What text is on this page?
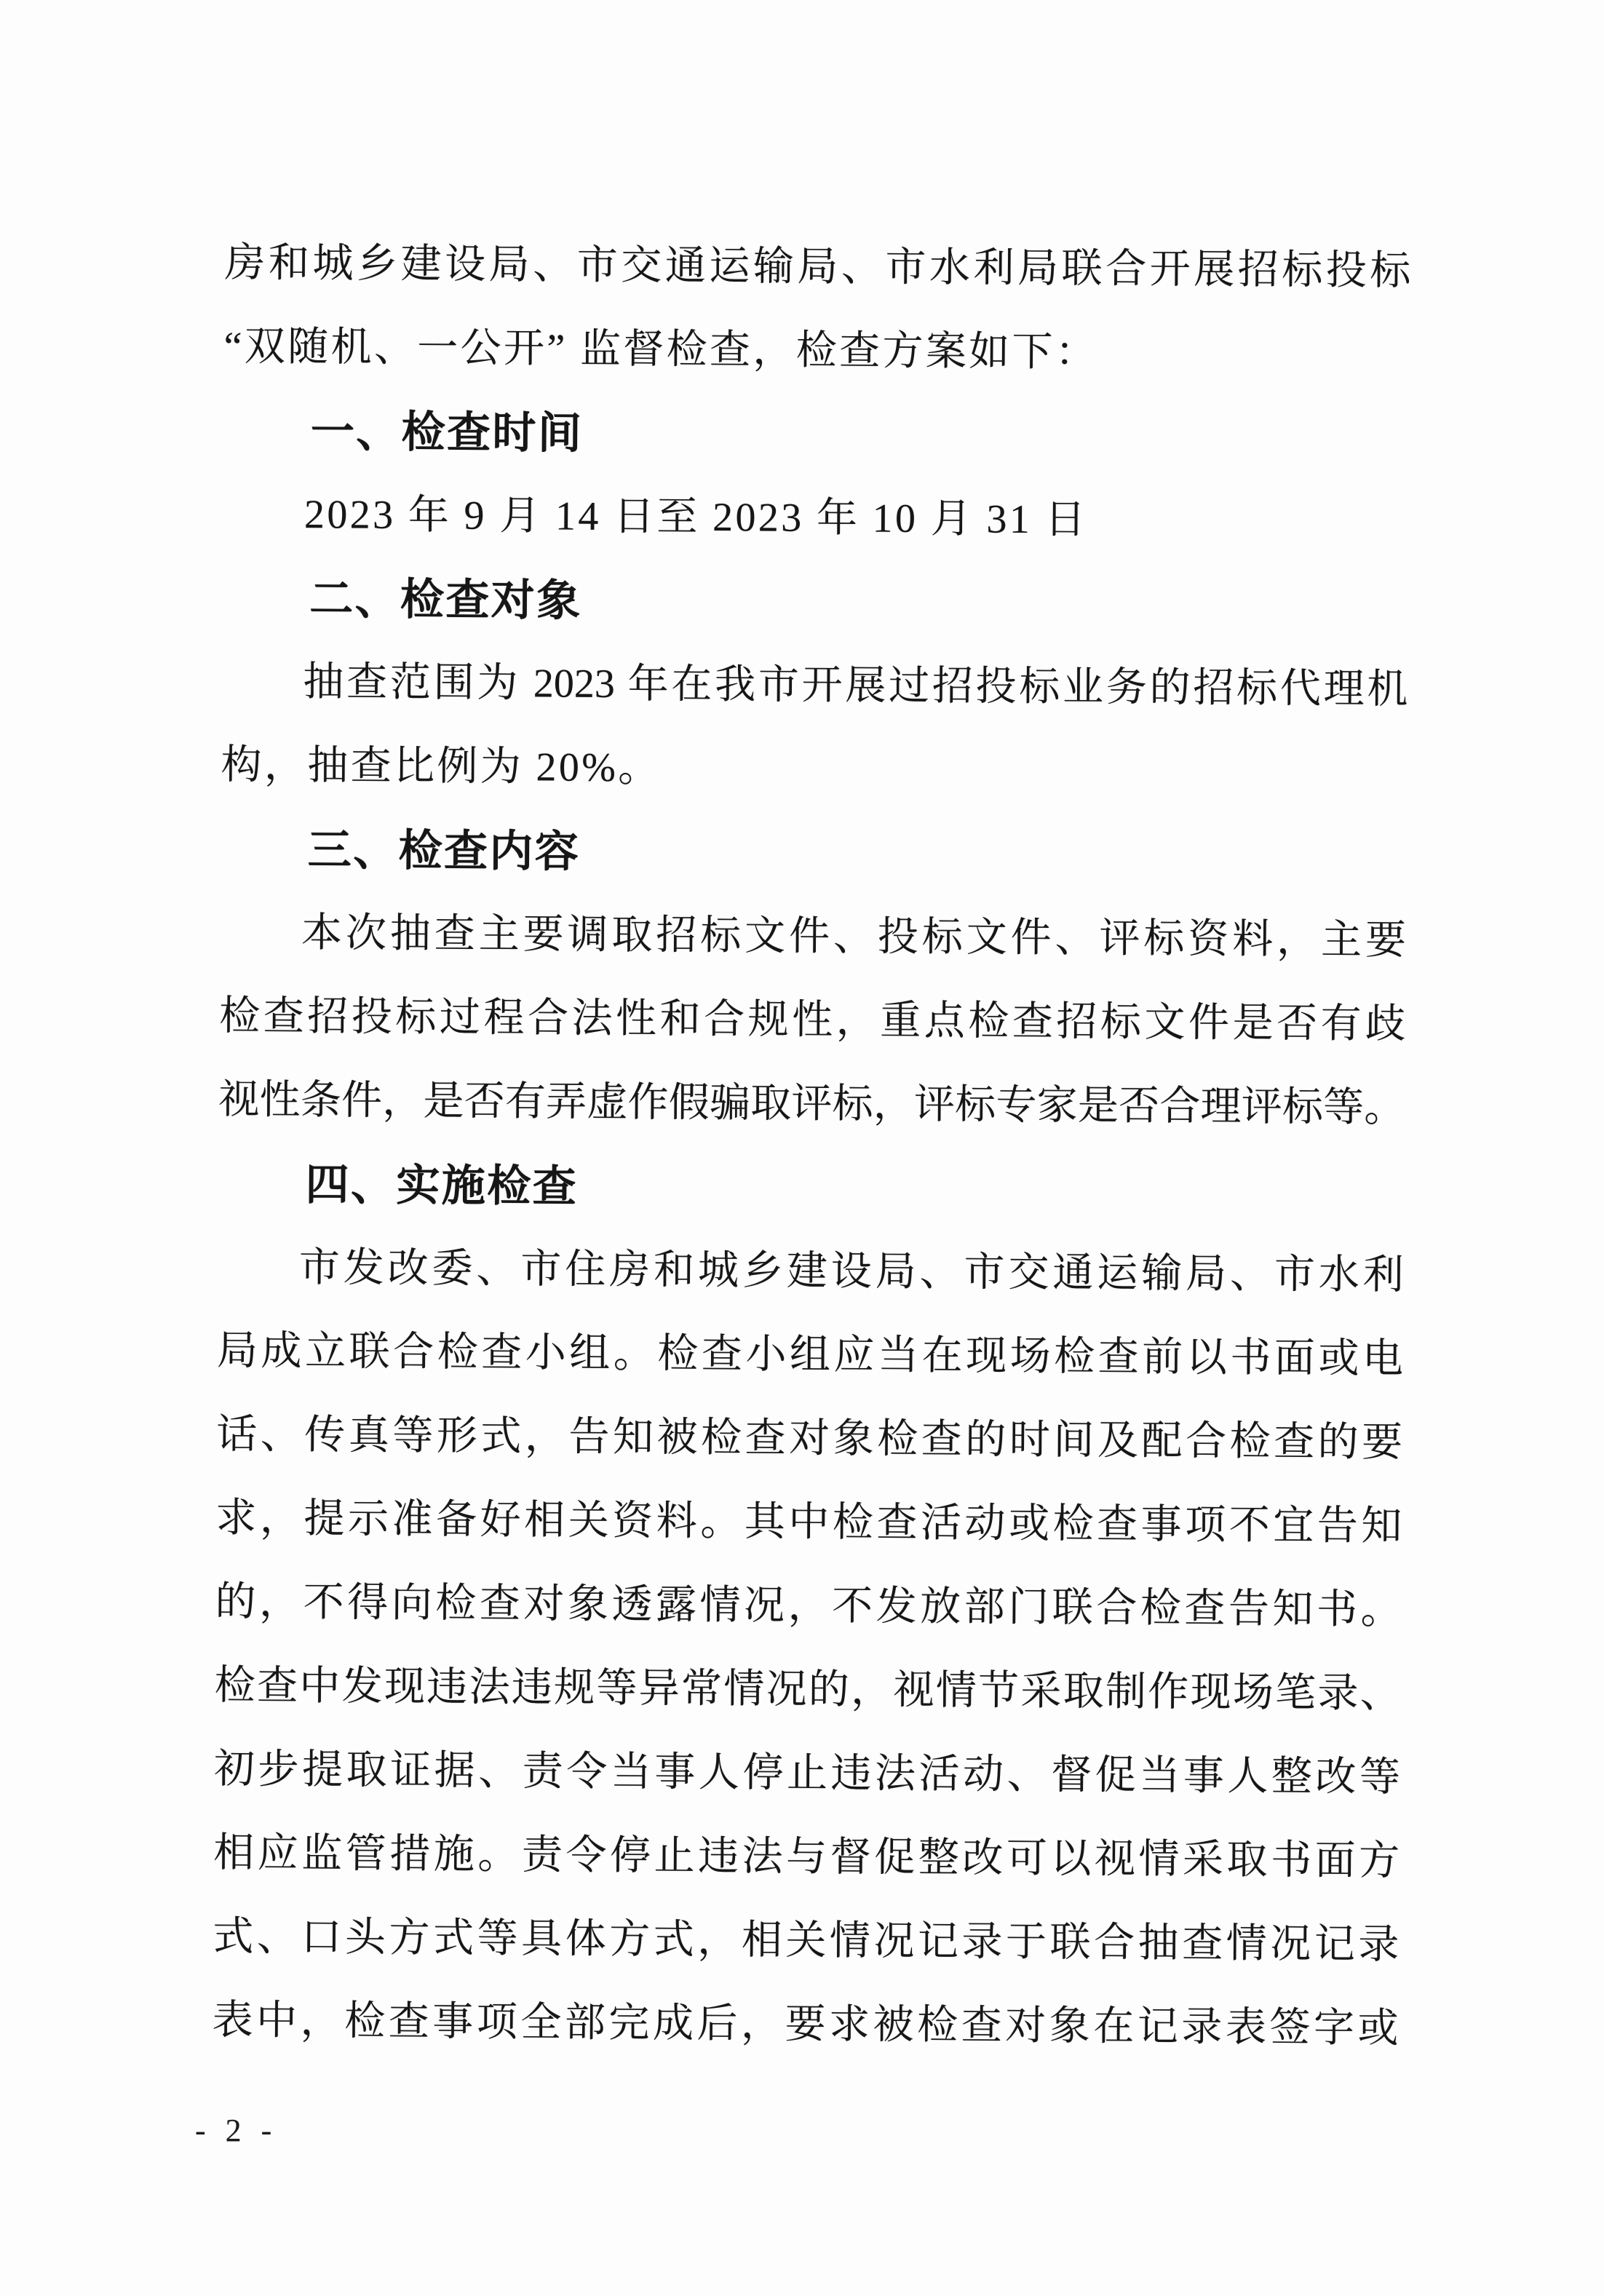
房和城乡建设局、市交通运输局、市水利局联合开展招标投标
“双随机、一公开” 监督检查，检查方案如下：
一、检查时间
2023 年 9 月 14 日至 2023 年 10 月 31 日
二、检查对象
抽查范围为 2023 年在我市开展过招投标业务的招标代理机
构，抽查比例为 20%。
三、检查内容
本次抽查主要调取招标文件、投标文件、评标资料，主要
检查招投标过程合法性和合规性，重点检查招标文件是否有歧
视性条件，是否有弄虚作假骗取评标，评标专家是否合理评标等。
四、实施检查
市发改委、市住房和城乡建设局、市交通运输局、市水利
局成立联合检查小组。检查小组应当在现场检查前以书面或电
话、传真等形式，告知被检查对象检查的时间及配合检查的要
求，提示准备好相关资料。其中检查活动或检查事项不宜告知
的，不得向检查对象透露情况，不发放部门联合检查告知书。
检查中发现违法违规等异常情况的，视情节采取制作现场笔录、
初步提取证据、责令当事人停止违法活动、督促当事人整改等
相应监管措施。责令停止违法与督促整改可以视情采取书面方
式、口头方式等具体方式，相关情况记录于联合抽查情况记录
表中，检查事项全部完成后，要求被检查对象在记录表签字或
- 2 -
